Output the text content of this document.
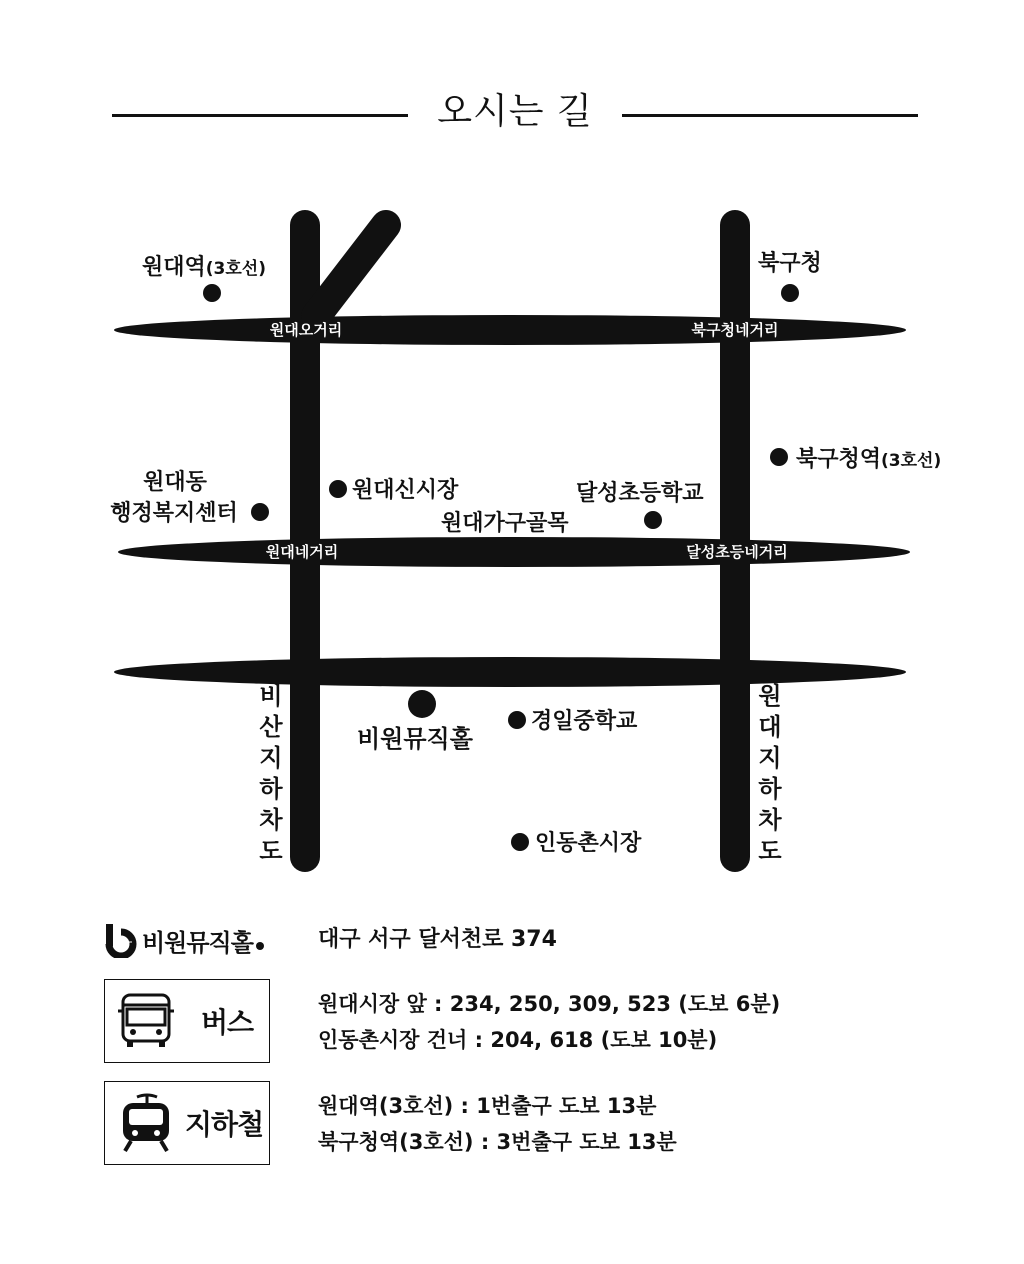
오시는 길
원대오거리	북구청네거리
원대네거리	달성초등네거리
비 산 지 하 차 도
원 대 지 하 차 도
원대역(3호선)	북구청
북구청역(3호선)
원대동
행정복지센터
원대신시장	달성초등학교
원대가구골목
비원뮤직홀
경일중학교
인동촌시장
비원뮤직홀	대구 서구 달서천로 374
버스
원대시장 앞 : 234, 250, 309, 523 (도보 6분)
인동촌시장 건너 : 204, 618 (도보 10분)
지하철
원대역(3호선) : 1번출구 도보 13분
북구청역(3호선) : 3번출구 도보 13분
